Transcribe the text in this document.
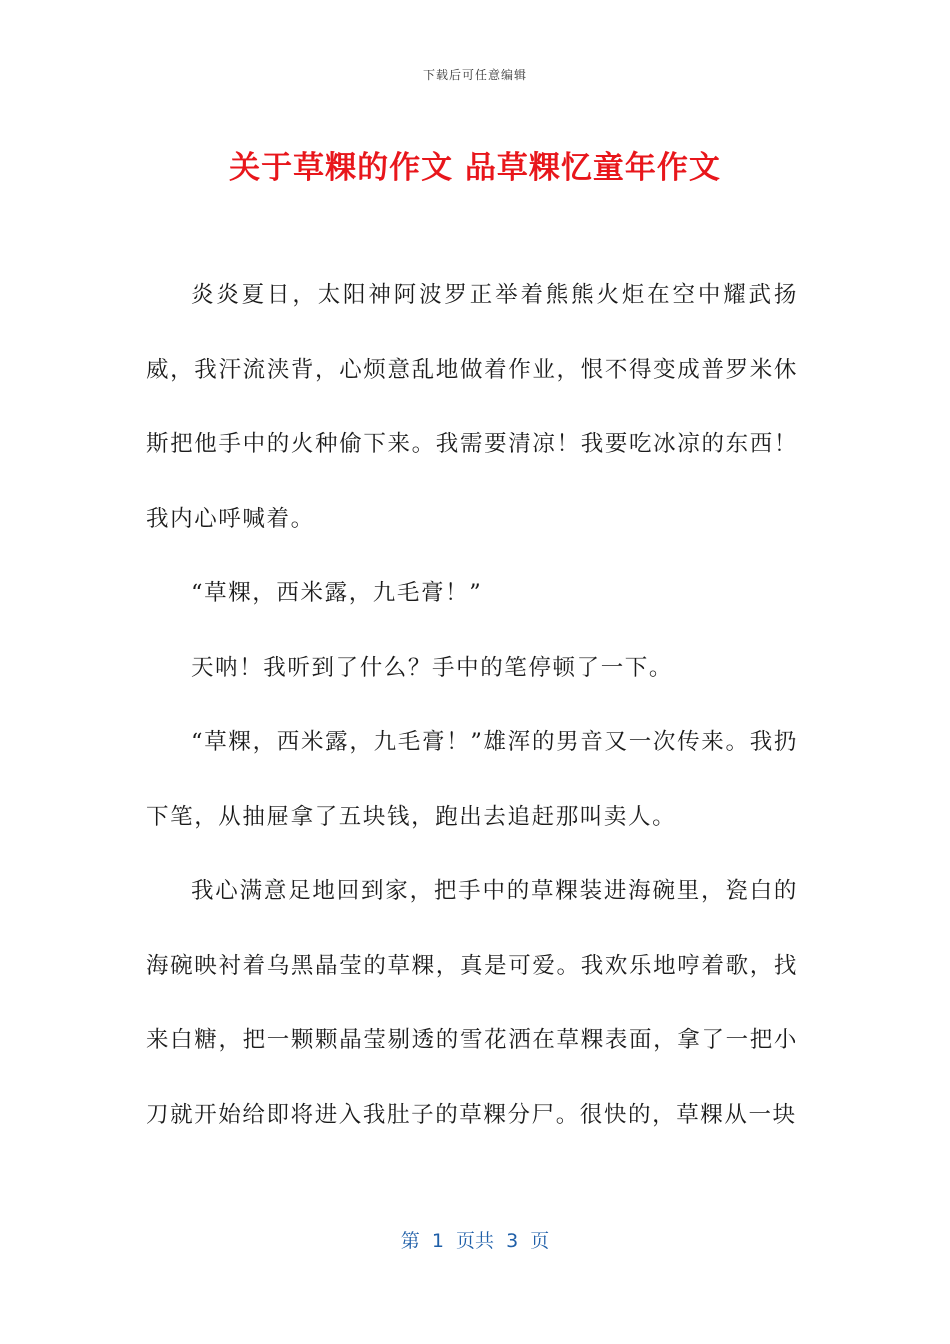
下载后可任意编辑
关于草粿的作文 品草粿忆童年作文

炎炎夏日，太阳神阿波罗正举着熊熊火炬在空中耀武扬威，我汗流浃背，心烦意乱地做着作业，恨不得变成普罗米休斯把他手中的火种偷下来。我需要清凉！我要吃冰凉的东西！我内心呼喊着。

“草粿，西米露，九毛膏！”

天呐！我听到了什么？手中的笔停顿了一下。

“草粿，西米露，九毛膏！”雄浑的男音又一次传来。我扔下笔，从抽屉拿了五块钱，跑出去追赶那叫卖人。

我心满意足地回到家，把手中的草粿装进海碗里，瓷白的海碗映衬着乌黑晶莹的草粿，真是可爱。我欢乐地哼着歌，找来白糖，把一颗颗晶莹剔透的雪花洒在草粿表面，拿了一把小刀就开始给即将进入我肚子的草粿分尸。很快的，草粿从一块

第  1  页共  3  页
